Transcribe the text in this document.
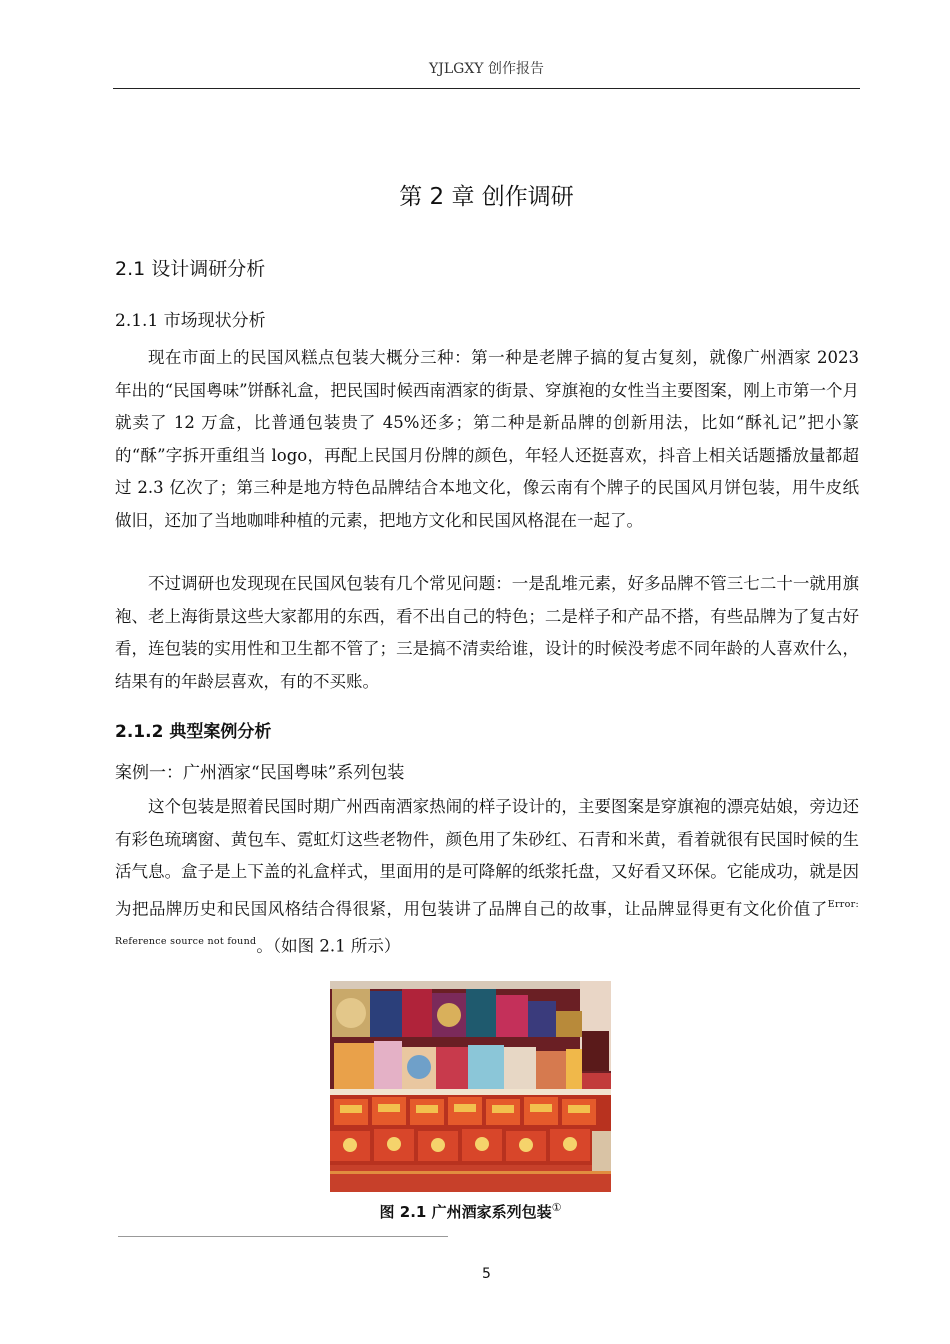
YJLGXY 创作报告
第 2 章 创作调研
2.1 设计调研分析
2.1.1 市场现状分析

现在市面上的民国风糕点包装大概分三种：第一种是老牌子搞的复古复刻，就像广州酒家 2023 年出的“民国粤味”饼酥礼盒，把民国时候西南酒家的街景、穿旗袍的女性当主要图案，刚上市第一个月就卖了 12 万盒，比普通包装贵了 45%还多；第二种是新品牌的创新用法，比如“酥礼记”把小篆的“酥”字拆开重组当 logo，再配上民国月份牌的颜色，年轻人还挺喜欢，抖音上相关话题播放量都超过 2.3 亿次了；第三种是地方特色品牌结合本地文化，像云南有个牌子的民国风月饼包装，用牛皮纸做旧，还加了当地咖啡种植的元素，把地方文化和民国风格混在一起了。

不过调研也发现现在民国风包装有几个常见问题：一是乱堆元素，好多品牌不管三七二十一就用旗袍、老上海街景这些大家都用的东西，看不出自己的特色；二是样子和产品不搭，有些品牌为了复古好看，连包装的实用性和卫生都不管了；三是搞不清卖给谁，设计的时候没考虑不同年龄的人喜欢什么，结果有的年龄层喜欢，有的不买账。

2.1.2 典型案例分析
案例一：广州酒家“民国粤味”系列包装

这个包装是照着民国时期广州西南酒家热闹的样子设计的，主要图案是穿旗袍的漂亮姑娘，旁边还有彩色琉璃窗、黄包车、霓虹灯这些老物件，颜色用了朱砂红、石青和米黄，看着就很有民国时候的生活气息。盒子是上下盖的礼盒样式，里面用的是可降解的纸浆托盘，又好看又环保。它能成功，就是因为把品牌历史和民国风格结合得很紧，用包装讲了品牌自己的故事，让品牌显得更有文化价值了$^{Error: Reference source not found}$。（如图 2.1 所示）

图 2.1 广州酒家系列包装①
5
